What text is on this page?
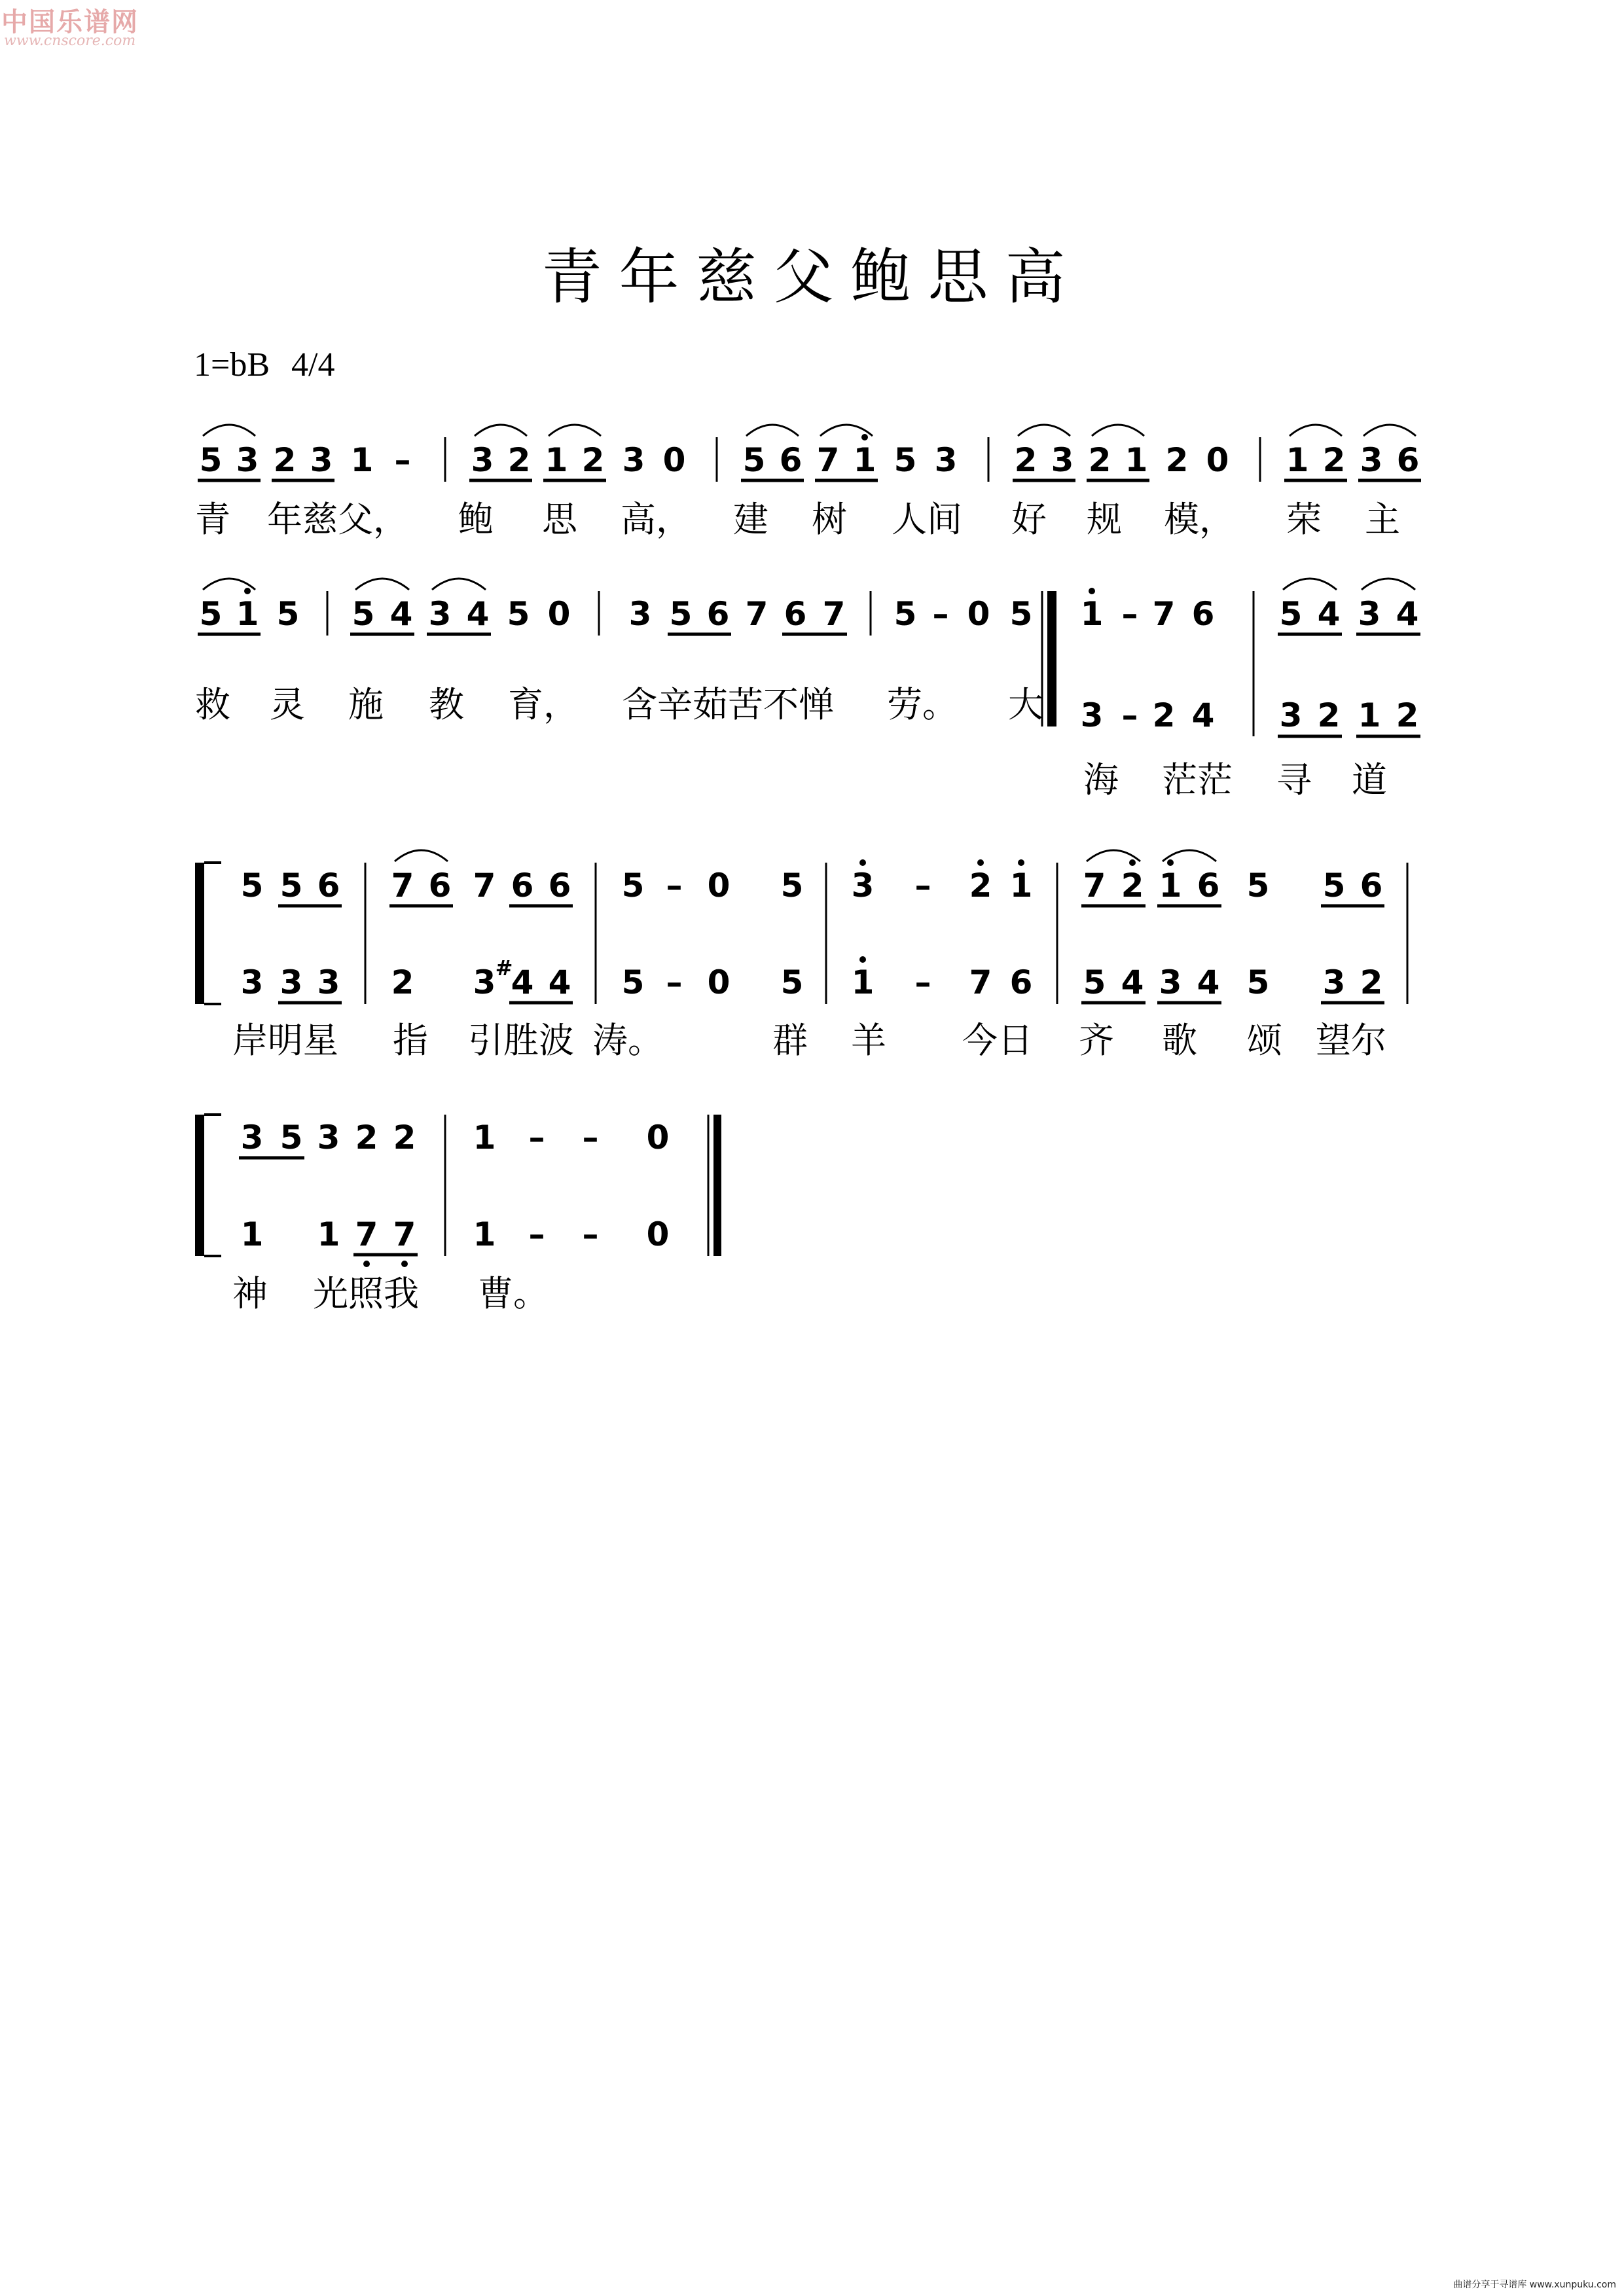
中国乐谱网
www.cnscore.com
青年慈父鲍思高
1=bB 4/4
5 3 2 3 1 – 3 2 1 2 3 0 5 6 7 1 5 3 2 3 2 1 2 0 1 2 3 6
青 年慈父， 鲍 思 高， 建 树 人间 好 规 模， 荣 主
5 1 5 5 4 3 4 5 0 3 5 6 7 6 7 5 – 0 5 1 – 7 6 5 4 3 4
3 – 2 4 3 2 1 2
救 灵 施 教 育， 含辛茹苦不惮 劳。 大
海 茫茫 寻 道
5 5 6 7 6 7 6 6 5 – 0 5 3 – 2 1 7 2 1 6 5 5 6
3 3 3 2 3 #
4 4 5 – 0 5 1 – 7 6 5 4 3 4 5 3 2
岸明星 指 引胜波 涛。	群 羊 今日 齐 歌 颂 望尔
3 5 3 2 2 1 – – 0
1 1 7 7 1 – – 0
神 光照我 曹。
曲谱分享于寻谱库 www.xunpuku.com
